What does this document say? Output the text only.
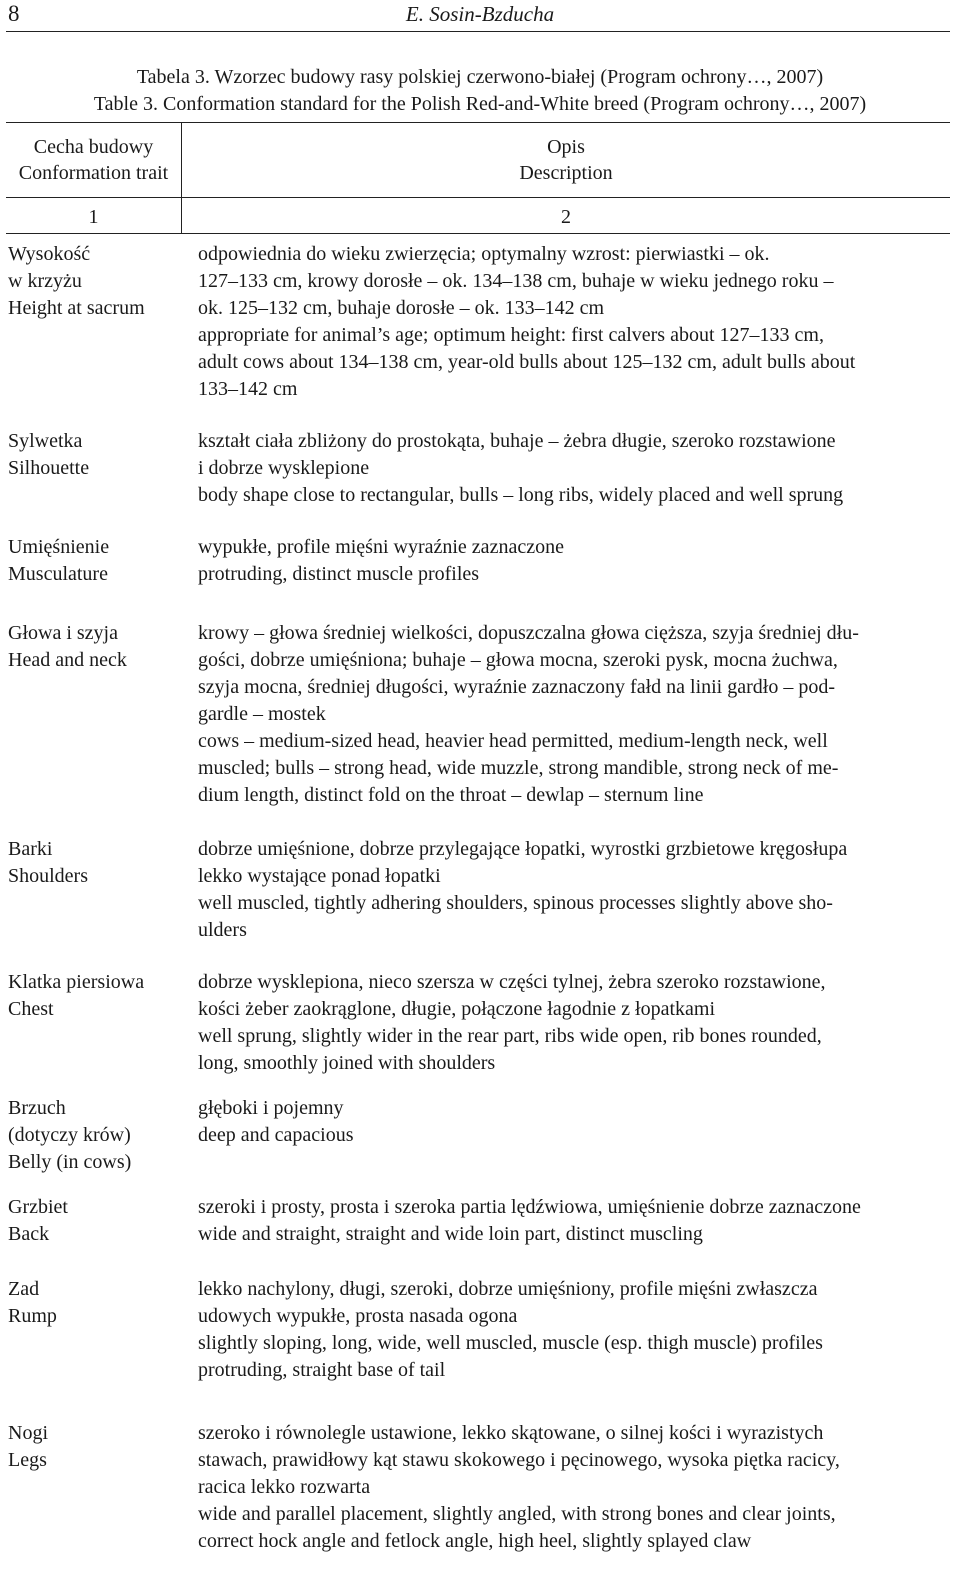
8	E. Sosin-Bzducha
Tabela 3. Wzorzec budowy rasy polskiej czerwono-białej (Program ochrony…, 2007)
Table 3. Conformation standard for the Polish Red-and-White breed (Program ochrony…, 2007)
Cecha budowy
Conformation trait
Opis
Description
1	2
Wysokość
w krzyżu
Height at sacrum
odpowiednia do wieku zwierzęcia; optymalny wzrost: pierwiastki – ok.
127–133 cm, krowy dorosłe – ok. 134–138 cm, buhaje w wieku jednego roku –
ok. 125–132 cm, buhaje dorosłe – ok. 133–142 cm
appropriate for animal’s age; optimum height: first calvers about 127–133 cm,
adult cows about 134–138 cm, year-old bulls about 125–132 cm, adult bulls about
133–142 cm
Sylwetka
Silhouette
kształt ciała zbliżony do prostokąta, buhaje – żebra długie, szeroko rozstawione
i dobrze wysklepione
body shape close to rectangular, bulls – long ribs, widely placed and well sprung
Umięśnienie
Musculature
wypukłe, profile mięśni wyraźnie zaznaczone
protruding, distinct muscle profiles
Głowa i szyja
Head and neck
krowy – głowa średniej wielkości, dopuszczalna głowa cięższa, szyja średniej dłu-
gości, dobrze umięśniona; buhaje – głowa mocna, szeroki pysk, mocna żuchwa,
szyja mocna, średniej długości, wyraźnie zaznaczony fałd na linii gardło – pod-
gardle – mostek
cows – medium-sized head, heavier head permitted, medium-length neck, well
muscled; bulls – strong head, wide muzzle, strong mandible, strong neck of me-
dium length, distinct fold on the throat – dewlap – sternum line
Barki
Shoulders
dobrze umięśnione, dobrze przylegające łopatki, wyrostki grzbietowe kręgosłupa
lekko wystające ponad łopatki
well muscled, tightly adhering shoulders, spinous processes slightly above sho-
ulders
Klatka piersiowa
Chest
dobrze wysklepiona, nieco szersza w części tylnej, żebra szeroko rozstawione,
kości żeber zaokrąglone, długie, połączone łagodnie z łopatkami
well sprung, slightly wider in the rear part, ribs wide open, rib bones rounded,
long, smoothly joined with shoulders
Brzuch
(dotyczy krów)
Belly (in cows)
głęboki i pojemny
deep and capacious
Grzbiet
Back
szeroki i prosty, prosta i szeroka partia lędźwiowa, umięśnienie dobrze zaznaczone
wide and straight, straight and wide loin part, distinct muscling
Zad
Rump
lekko nachylony, długi, szeroki, dobrze umięśniony, profile mięśni zwłaszcza
udowych wypukłe, prosta nasada ogona
slightly sloping, long, wide, well muscled, muscle (esp. thigh muscle) profiles
protruding, straight base of tail
Nogi
Legs
szeroko i równolegle ustawione, lekko skątowane, o silnej kości i wyrazistych
stawach, prawidłowy kąt stawu skokowego i pęcinowego, wysoka piętka racicy,
racica lekko rozwarta
wide and parallel placement, slightly angled, with strong bones and clear joints,
correct hock angle and fetlock angle, high heel, slightly splayed claw
